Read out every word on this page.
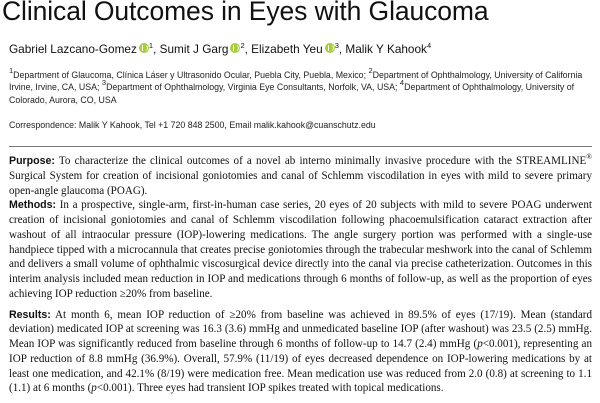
Clinical Outcomes in Eyes with Glaucoma
Gabriel Lazcano-Gomez $^1$, Sumit J Garg $^2$, Elizabeth Yeu $^3$, Malik Y Kahook$^4$
$^1$Department of Glaucoma, Clínica Láser y Ultrasonido Ocular, Puebla City, Puebla, Mexico; $^2$Department of Ophthalmology, University of California Irvine, Irvine, CA, USA; $^3$Department of Ophthalmology, Virginia Eye Consultants, Norfolk, VA, USA; $^4$Department of Ophthalmology, University of Colorado, Aurora, CO, USA
Correspondence: Malik Y Kahook, Tel +1 720 848 2500, Email malik.kahook@cuanschutz.edu

Purpose: To characterize the clinical outcomes of a novel ab interno minimally invasive procedure with the STREAMLINE® Surgical System for creation of incisional goniotomies and canal of Schlemm viscodilation in eyes with mild to severe primary open-angle glaucoma (POAG).

Methods: In a prospective, single-arm, first-in-human case series, 20 eyes of 20 subjects with mild to severe POAG underwent creation of incisional goniotomies and canal of Schlemm viscodilation following phacoemulsification cataract extraction after washout of all intraocular pressure (IOP)-lowering medications. The angle surgery portion was performed with a single-use handpiece tipped with a microcannula that creates precise goniotomies through the trabecular meshwork into the canal of Schlemm and delivers a small volume of ophthalmic viscosurgical device directly into the canal via precise catheterization. Outcomes in this interim analysis included mean reduction in IOP and medications through 6 months of follow-up, as well as the proportion of eyes achieving IOP reduction ≥20% from baseline.

Results: At month 6, mean IOP reduction of ≥20% from baseline was achieved in 89.5% of eyes (17/19). Mean (standard deviation) medicated IOP at screening was 16.3 (3.6) mmHg and unmedicated baseline IOP (after washout) was 23.5 (2.5) mmHg. Mean IOP was significantly reduced from baseline through 6 months of follow-up to 14.7 (2.4) mmHg (p<0.001), representing an IOP reduction of 8.8 mmHg (36.9%). Overall, 57.9% (11/19) of eyes decreased dependence on IOP-lowering medications by at least one medication, and 42.1% (8/19) were medication free. Mean medication use was reduced from 2.0 (0.8) at screening to 1.1 (1.1) at 6 months (p<0.001). Three eyes had transient IOP spikes treated with topical medications.
